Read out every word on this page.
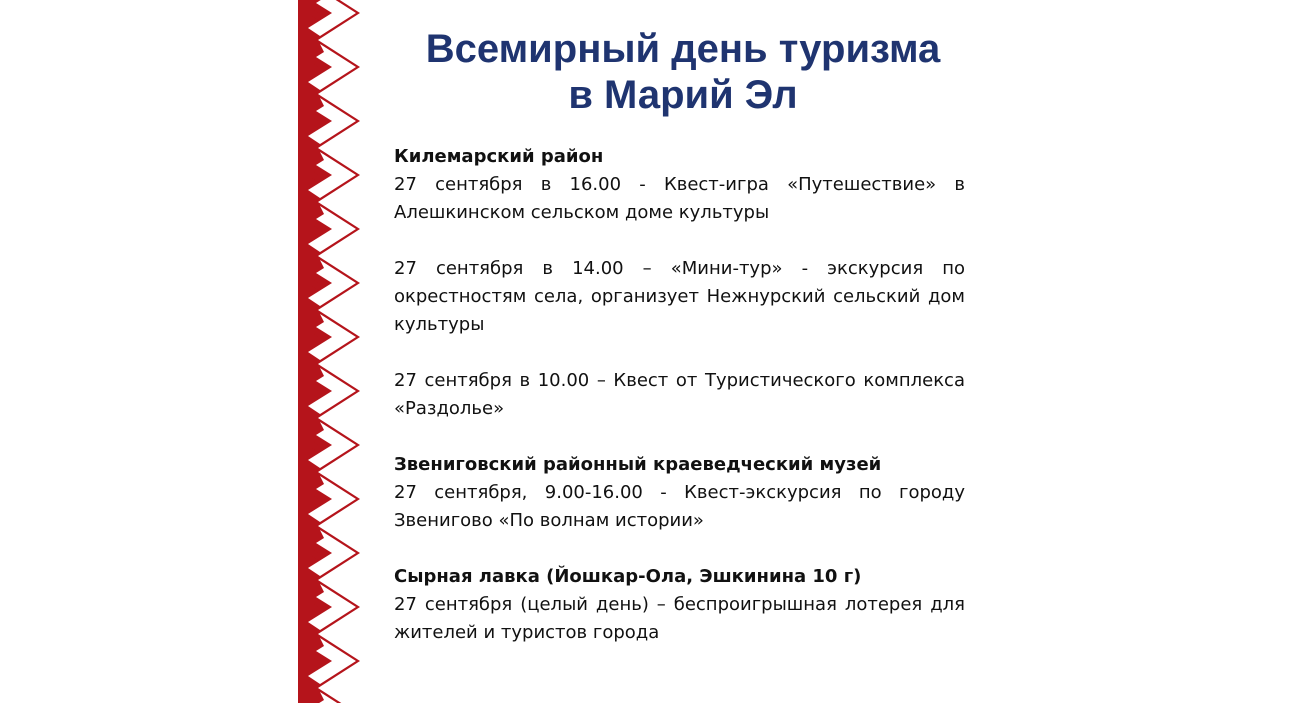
Всемирный день туризма
в Марий Эл
Килемарский район
27 сентября в 16.00 - Квест-игра «Путешествие» в Алешкинском сельском доме культуры
27 сентября в 14.00 – «Мини-тур» - экскурсия по окрестностям села, организует Нежнурский сельский дом культуры
27 сентября в 10.00 – Квест от Туристического комплекса «Раздолье»
Звениговский районный краеведческий музей
27 сентября, 9.00-16.00 - Квест-экскурсия по городу Звенигово «По волнам истории»
Сырная лавка (Йошкар-Ола, Эшкинина 10 г)
27 сентября (целый день) – беспроигрышная лотерея для жителей и туристов города
